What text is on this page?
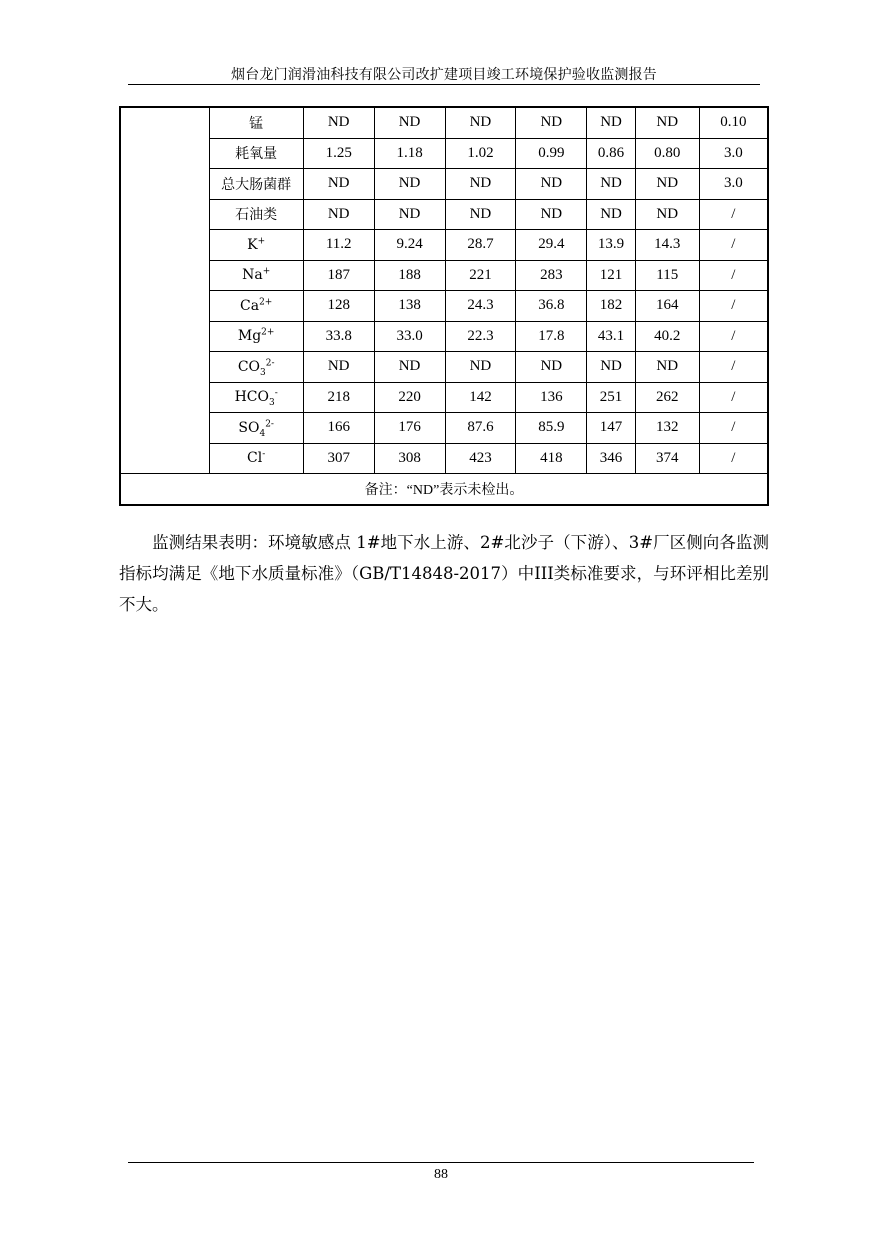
烟台龙门润滑油科技有限公司改扩建项目竣工环境保护验收监测报告
	锰	ND	ND	ND	ND	ND	ND	0.10
	耗氧量	1.25	1.18	1.02	0.99	0.86	0.80	3.0
	总大肠菌群	ND	ND	ND	ND	ND	ND	3.0
	石油类	ND	ND	ND	ND	ND	ND	/
	K+	11.2	9.24	28.7	29.4	13.9	14.3	/
	Na+	187	188	221	283	121	115	/
	$Ca^{2+}$	128	138	24.3	36.8	182	164	/
	$Mg^{2+}$	33.8	33.0	22.3	17.8	43.1	40.2	/
	$CO_3^{2-}$	ND	ND	ND	ND	ND	ND	/
	$HCO_3^-$	218	220	142	136	251	262	/
	$SO_4^{2-}$	166	176	87.6	85.9	147	132	/
	Cl-	307	308	423	418	346	374	/
备注：“ND”表示未检出。								

监测结果表明：环境敏感点 1#地下水上游、2#北沙子（下游）、3#厂区侧向各监测指标均满足《地下水质量标准》（GB/T14848-2017）中III类标准要求，与环评相比差别不大。

88
